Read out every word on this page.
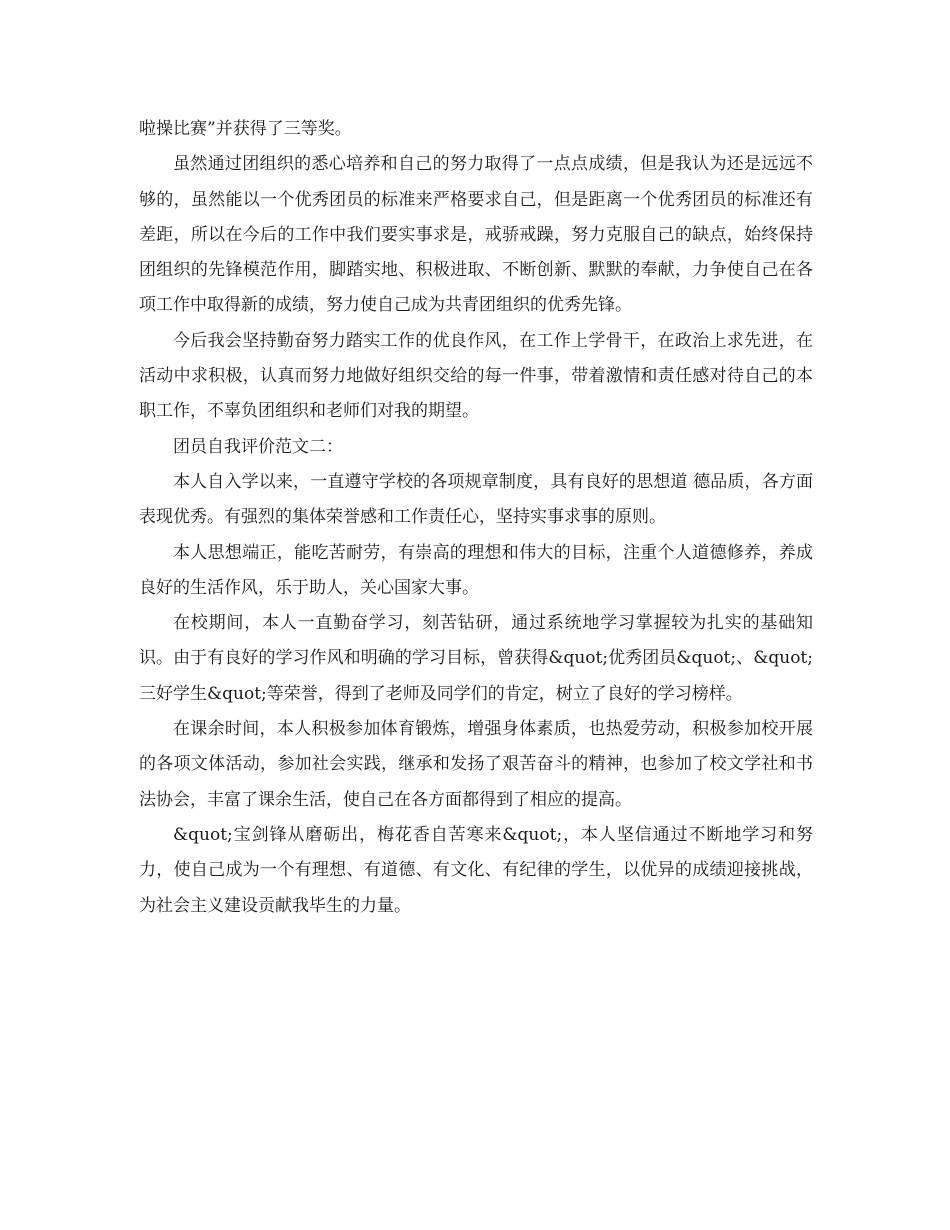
啦操比赛”并获得了三等奖。

虽然通过团组织的悉心培养和自己的努力取得了一点点成绩，但是我认为还是远远不够的，虽然能以一个优秀团员的标准来严格要求自己，但是距离一个优秀团员的标准还有差距，所以在今后的工作中我们要实事求是，戒骄戒躁，努力克服自己的缺点，始终保持团组织的先锋模范作用，脚踏实地、积极进取、不断创新、默默的奉献，力争使自己在各项工作中取得新的成绩，努力使自己成为共青团组织的优秀先锋。

今后我会坚持勤奋努力踏实工作的优良作风，在工作上学骨干，在政治上求先进，在活动中求积极，认真而努力地做好组织交给的每一件事，带着激情和责任感对待自己的本职工作，不辜负团组织和老师们对我的期望。

团员自我评价范文二：

本人自入学以来，一直遵守学校的各项规章制度，具有良好的思想道 德品质，各方面表现优秀。有强烈的集体荣誉感和工作责任心，坚持实事求事的原则。

本人思想端正，能吃苦耐劳，有崇高的理想和伟大的目标，注重个人道德修养，养成良好的生活作风，乐于助人，关心国家大事。

在校期间，本人一直勤奋学习，刻苦钻研，通过系统地学习掌握较为扎实的基础知识。由于有良好的学习作风和明确的学习目标，曾获得&quot;优秀团员&quot;、&quot;三好学生&quot;等荣誉，得到了老师及同学们的肯定，树立了良好的学习榜样。

在课余时间，本人积极参加体育锻炼，增强身体素质，也热爱劳动，积极参加校开展的各项文体活动，参加社会实践，继承和发扬了艰苦奋斗的精神，也参加了校文学社和书法协会，丰富了课余生活，使自己在各方面都得到了相应的提高。

&quot;宝剑锋从磨砺出，梅花香自苦寒来&quot;，本人坚信通过不断地学习和努力，使自己成为一个有理想、有道德、有文化、有纪律的学生，以优异的成绩迎接挑战，为社会主义建设贡献我毕生的力量。
